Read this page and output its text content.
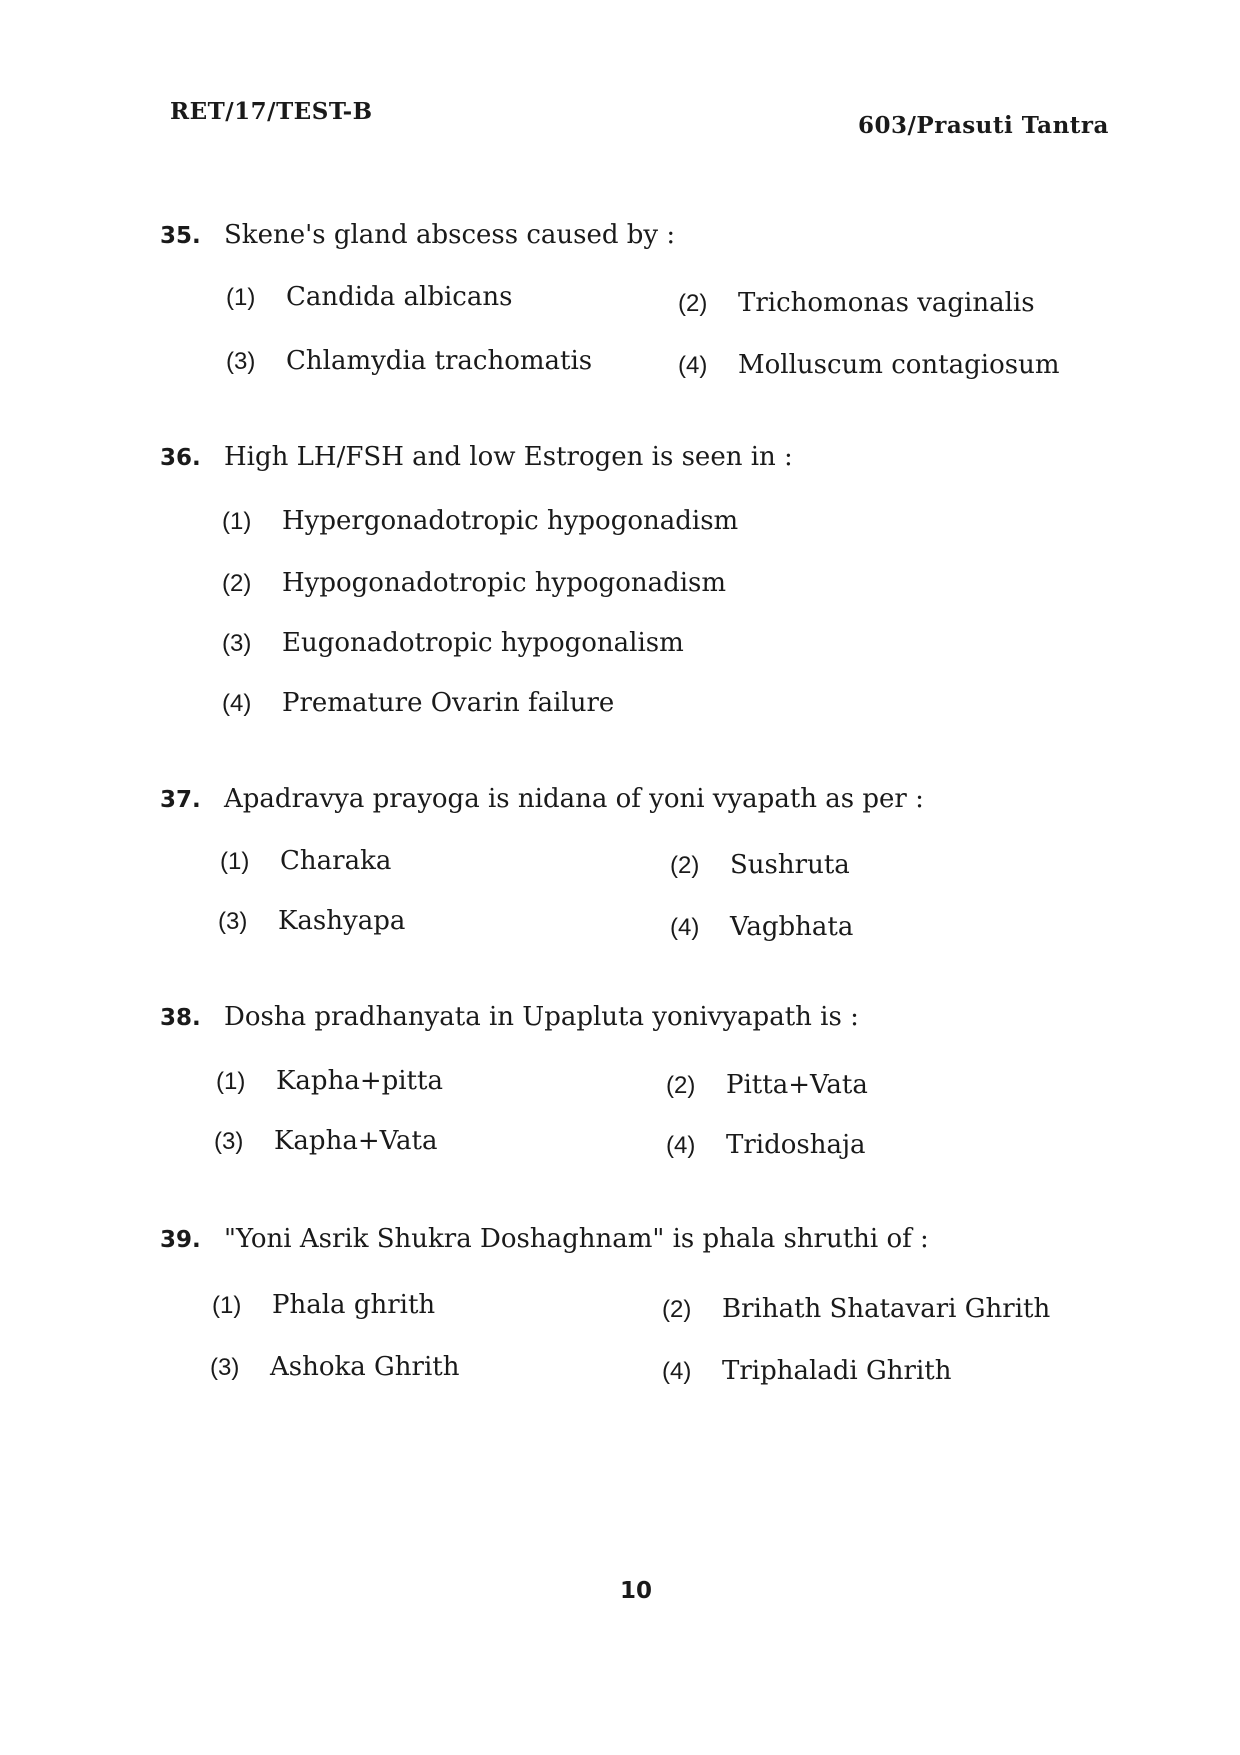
RET/17/TEST-B
603/Prasuti Tantra
35. Skene's gland abscess caused by :
(1) Candida albicans	(2) Trichomonas vaginalis
(3) Chlamydia trachomatis	(4) Molluscum contagiosum
36. High LH/FSH and low Estrogen is seen in :
(1) Hypergonadotropic hypogonadism
(2) Hypogonadotropic hypogonadism
(3) Eugonadotropic hypogonalism
(4) Premature Ovarin failure
37. Apadravya prayoga is nidana of yoni vyapath as per :
(1) Charaka	(2) Sushruta
(3) Kashyapa	(4) Vagbhata
38. Dosha pradhanyata in Upapluta yonivyapath is :
(1) Kapha+pitta	(2) Pitta+Vata
(3) Kapha+Vata	(4) Tridoshaja
39. "Yoni Asrik Shukra Doshaghnam" is phala shruthi of :
(1) Phala ghrith	(2) Brihath Shatavari Ghrith
(3) Ashoka Ghrith	(4) Triphaladi Ghrith
10
